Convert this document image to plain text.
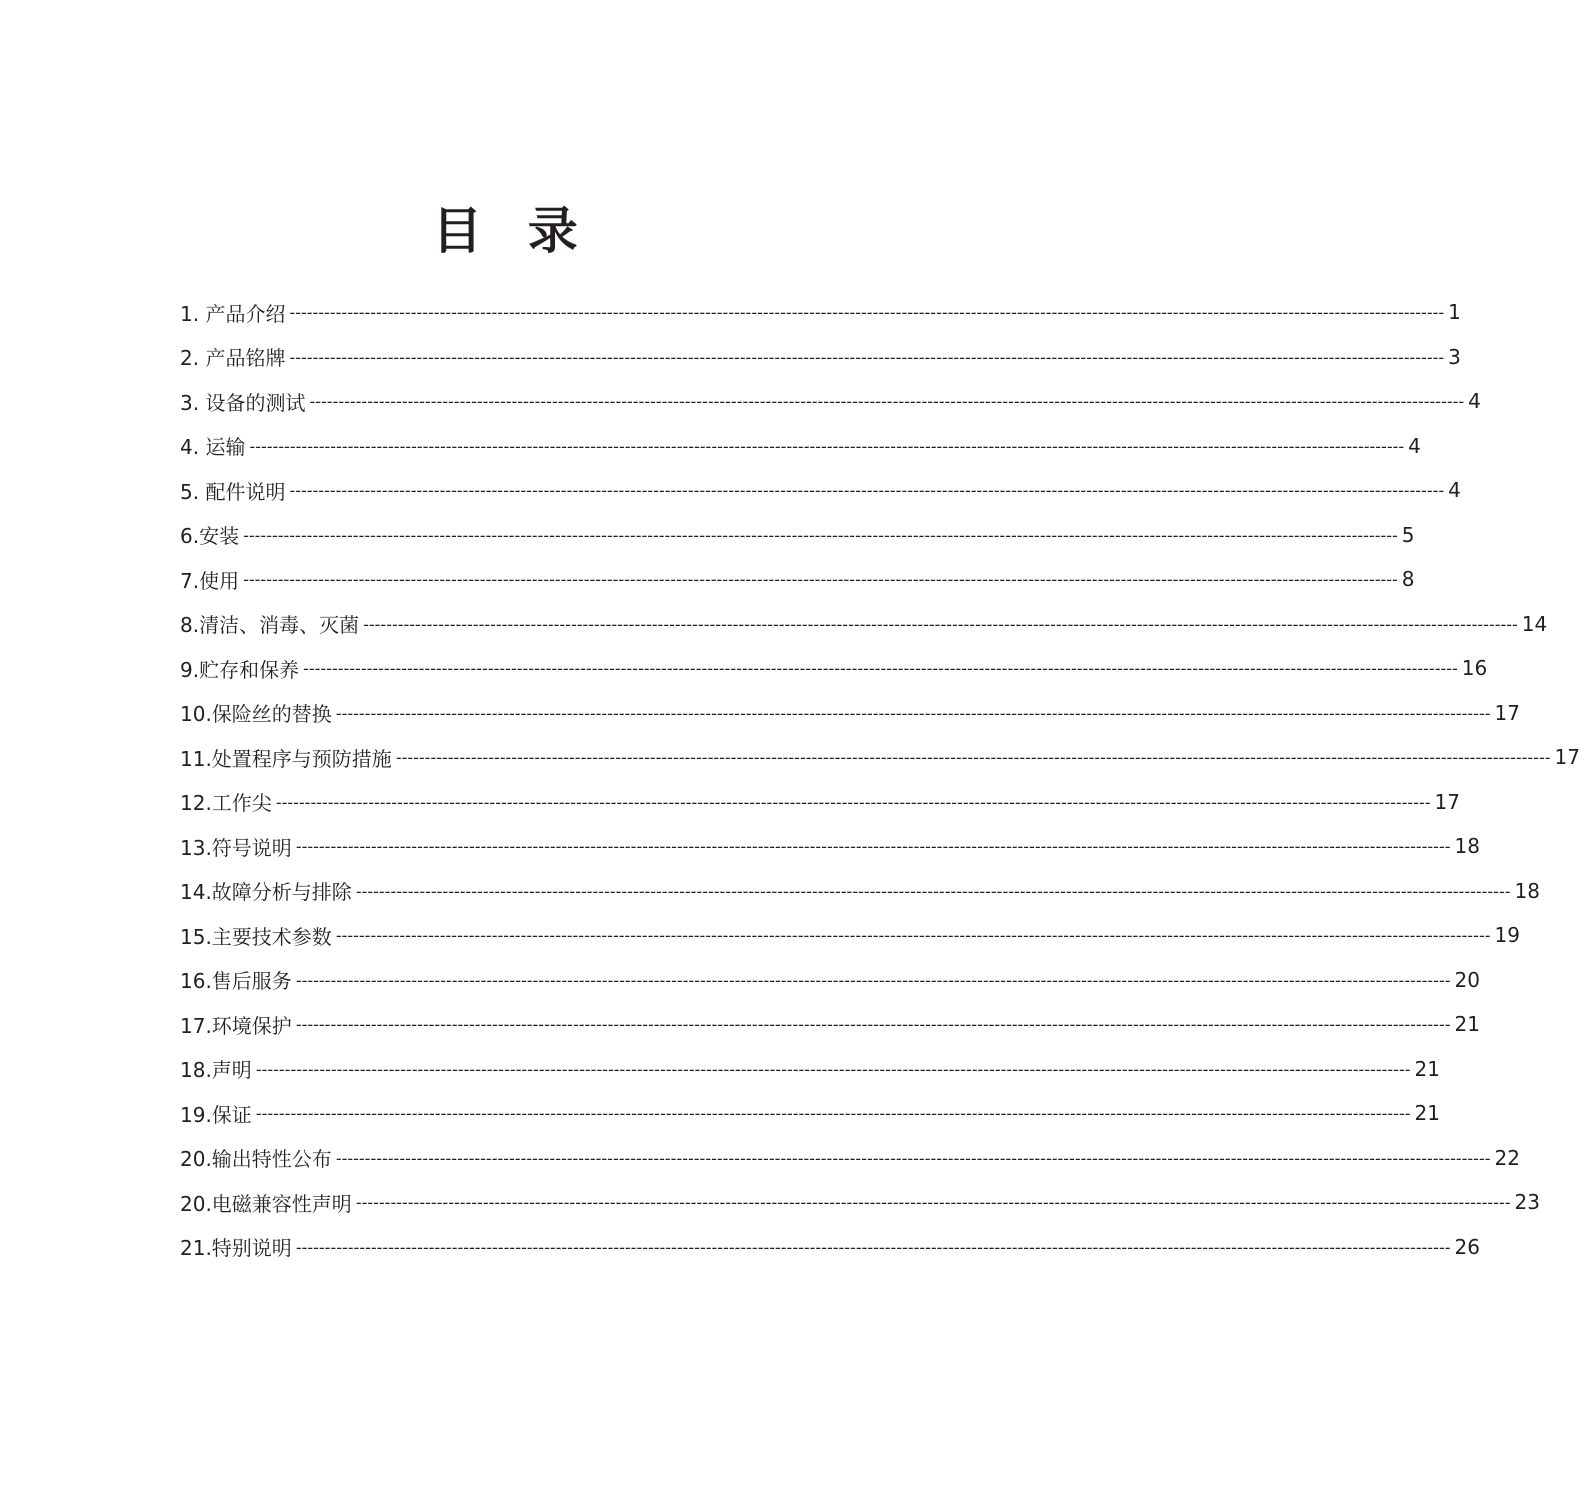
目 录
1. 产品介绍 -------------------------------------------------------------------------------------------------------------------------------------------------------------------------------------------------------- 1
2. 产品铭牌 -------------------------------------------------------------------------------------------------------------------------------------------------------------------------------------------------------- 3
3. 设备的测试 -------------------------------------------------------------------------------------------------------------------------------------------------------------------------------------------------------- 4
4. 运输 -------------------------------------------------------------------------------------------------------------------------------------------------------------------------------------------------------- 4
5. 配件说明 -------------------------------------------------------------------------------------------------------------------------------------------------------------------------------------------------------- 4
6.安装 -------------------------------------------------------------------------------------------------------------------------------------------------------------------------------------------------------- 5
7.使用 -------------------------------------------------------------------------------------------------------------------------------------------------------------------------------------------------------- 8
8.清洁、消毒、灭菌 -------------------------------------------------------------------------------------------------------------------------------------------------------------------------------------------------------- 14
9.贮存和保养 -------------------------------------------------------------------------------------------------------------------------------------------------------------------------------------------------------- 16
10.保险丝的替换 -------------------------------------------------------------------------------------------------------------------------------------------------------------------------------------------------------- 17
11.处置程序与预防措施 -------------------------------------------------------------------------------------------------------------------------------------------------------------------------------------------------------- 17
12.工作尖 -------------------------------------------------------------------------------------------------------------------------------------------------------------------------------------------------------- 17
13.符号说明 -------------------------------------------------------------------------------------------------------------------------------------------------------------------------------------------------------- 18
14.故障分析与排除 -------------------------------------------------------------------------------------------------------------------------------------------------------------------------------------------------------- 18
15.主要技术参数 -------------------------------------------------------------------------------------------------------------------------------------------------------------------------------------------------------- 19
16.售后服务 -------------------------------------------------------------------------------------------------------------------------------------------------------------------------------------------------------- 20
17.环境保护 -------------------------------------------------------------------------------------------------------------------------------------------------------------------------------------------------------- 21
18.声明 -------------------------------------------------------------------------------------------------------------------------------------------------------------------------------------------------------- 21
19.保证 -------------------------------------------------------------------------------------------------------------------------------------------------------------------------------------------------------- 21
20.输出特性公布 -------------------------------------------------------------------------------------------------------------------------------------------------------------------------------------------------------- 22
20.电磁兼容性声明 -------------------------------------------------------------------------------------------------------------------------------------------------------------------------------------------------------- 23
21.特别说明 -------------------------------------------------------------------------------------------------------------------------------------------------------------------------------------------------------- 26
